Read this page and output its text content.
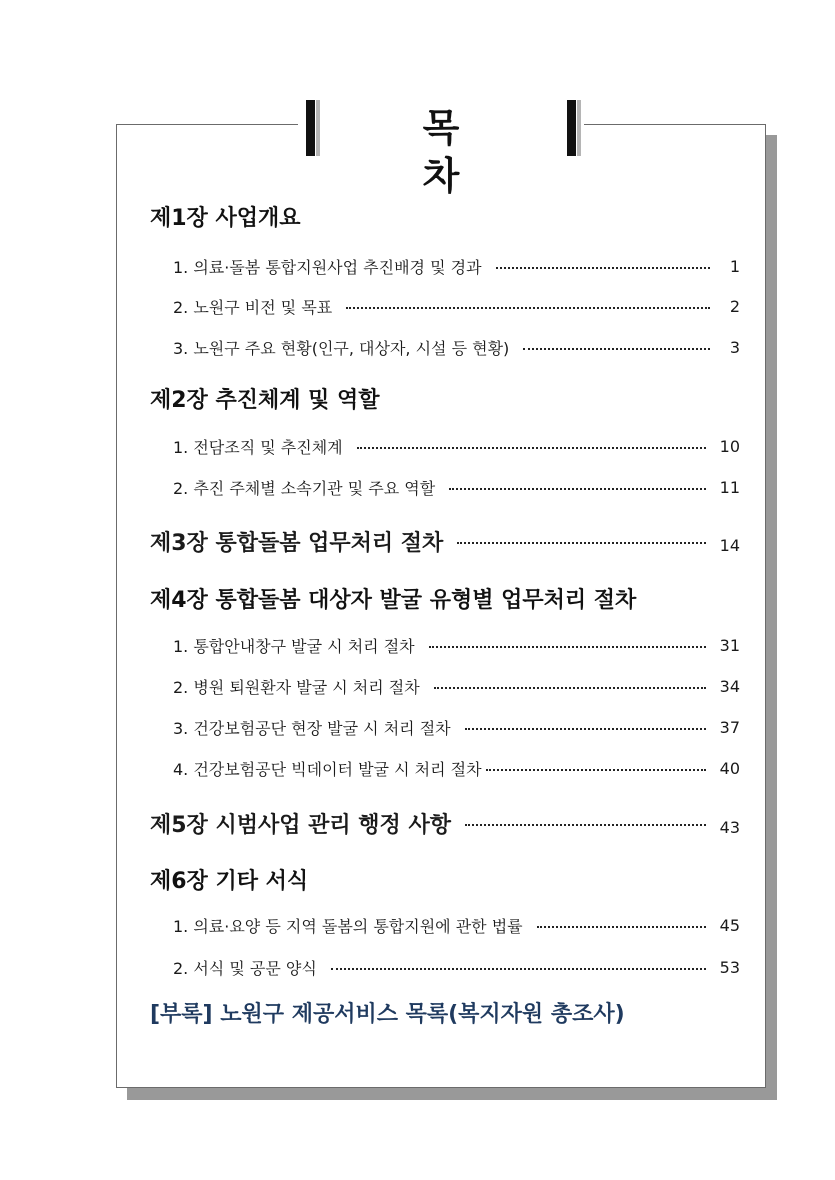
목 차
제1장 사업개요
1. 의료·돌봄 통합지원사업 추진배경 및 경과	1
2. 노원구 비전 및 목표	2
3. 노원구 주요 현황(인구, 대상자, 시설 등 현황)	3
제2장 추진체계 및 역할
1. 전담조직 및 추진체계	10
2. 추진 주체별 소속기관 및 주요 역할	11
제3장 통합돌봄 업무처리 절차	14
제4장 통합돌봄 대상자 발굴 유형별 업무처리 절차
1. 통합안내창구 발굴 시 처리 절차	31
2. 병원 퇴원환자 발굴 시 처리 절차	34
3. 건강보험공단 현장 발굴 시 처리 절차	37
4. 건강보험공단 빅데이터 발굴 시 처리 절차	40
제5장 시범사업 관리 행정 사항	43
제6장 기타 서식
1. 의료·요양 등 지역 돌봄의 통합지원에 관한 법률	45
2. 서식 및 공문 양식	53
[부록] 노원구 제공서비스 목록(복지자원 총조사)
